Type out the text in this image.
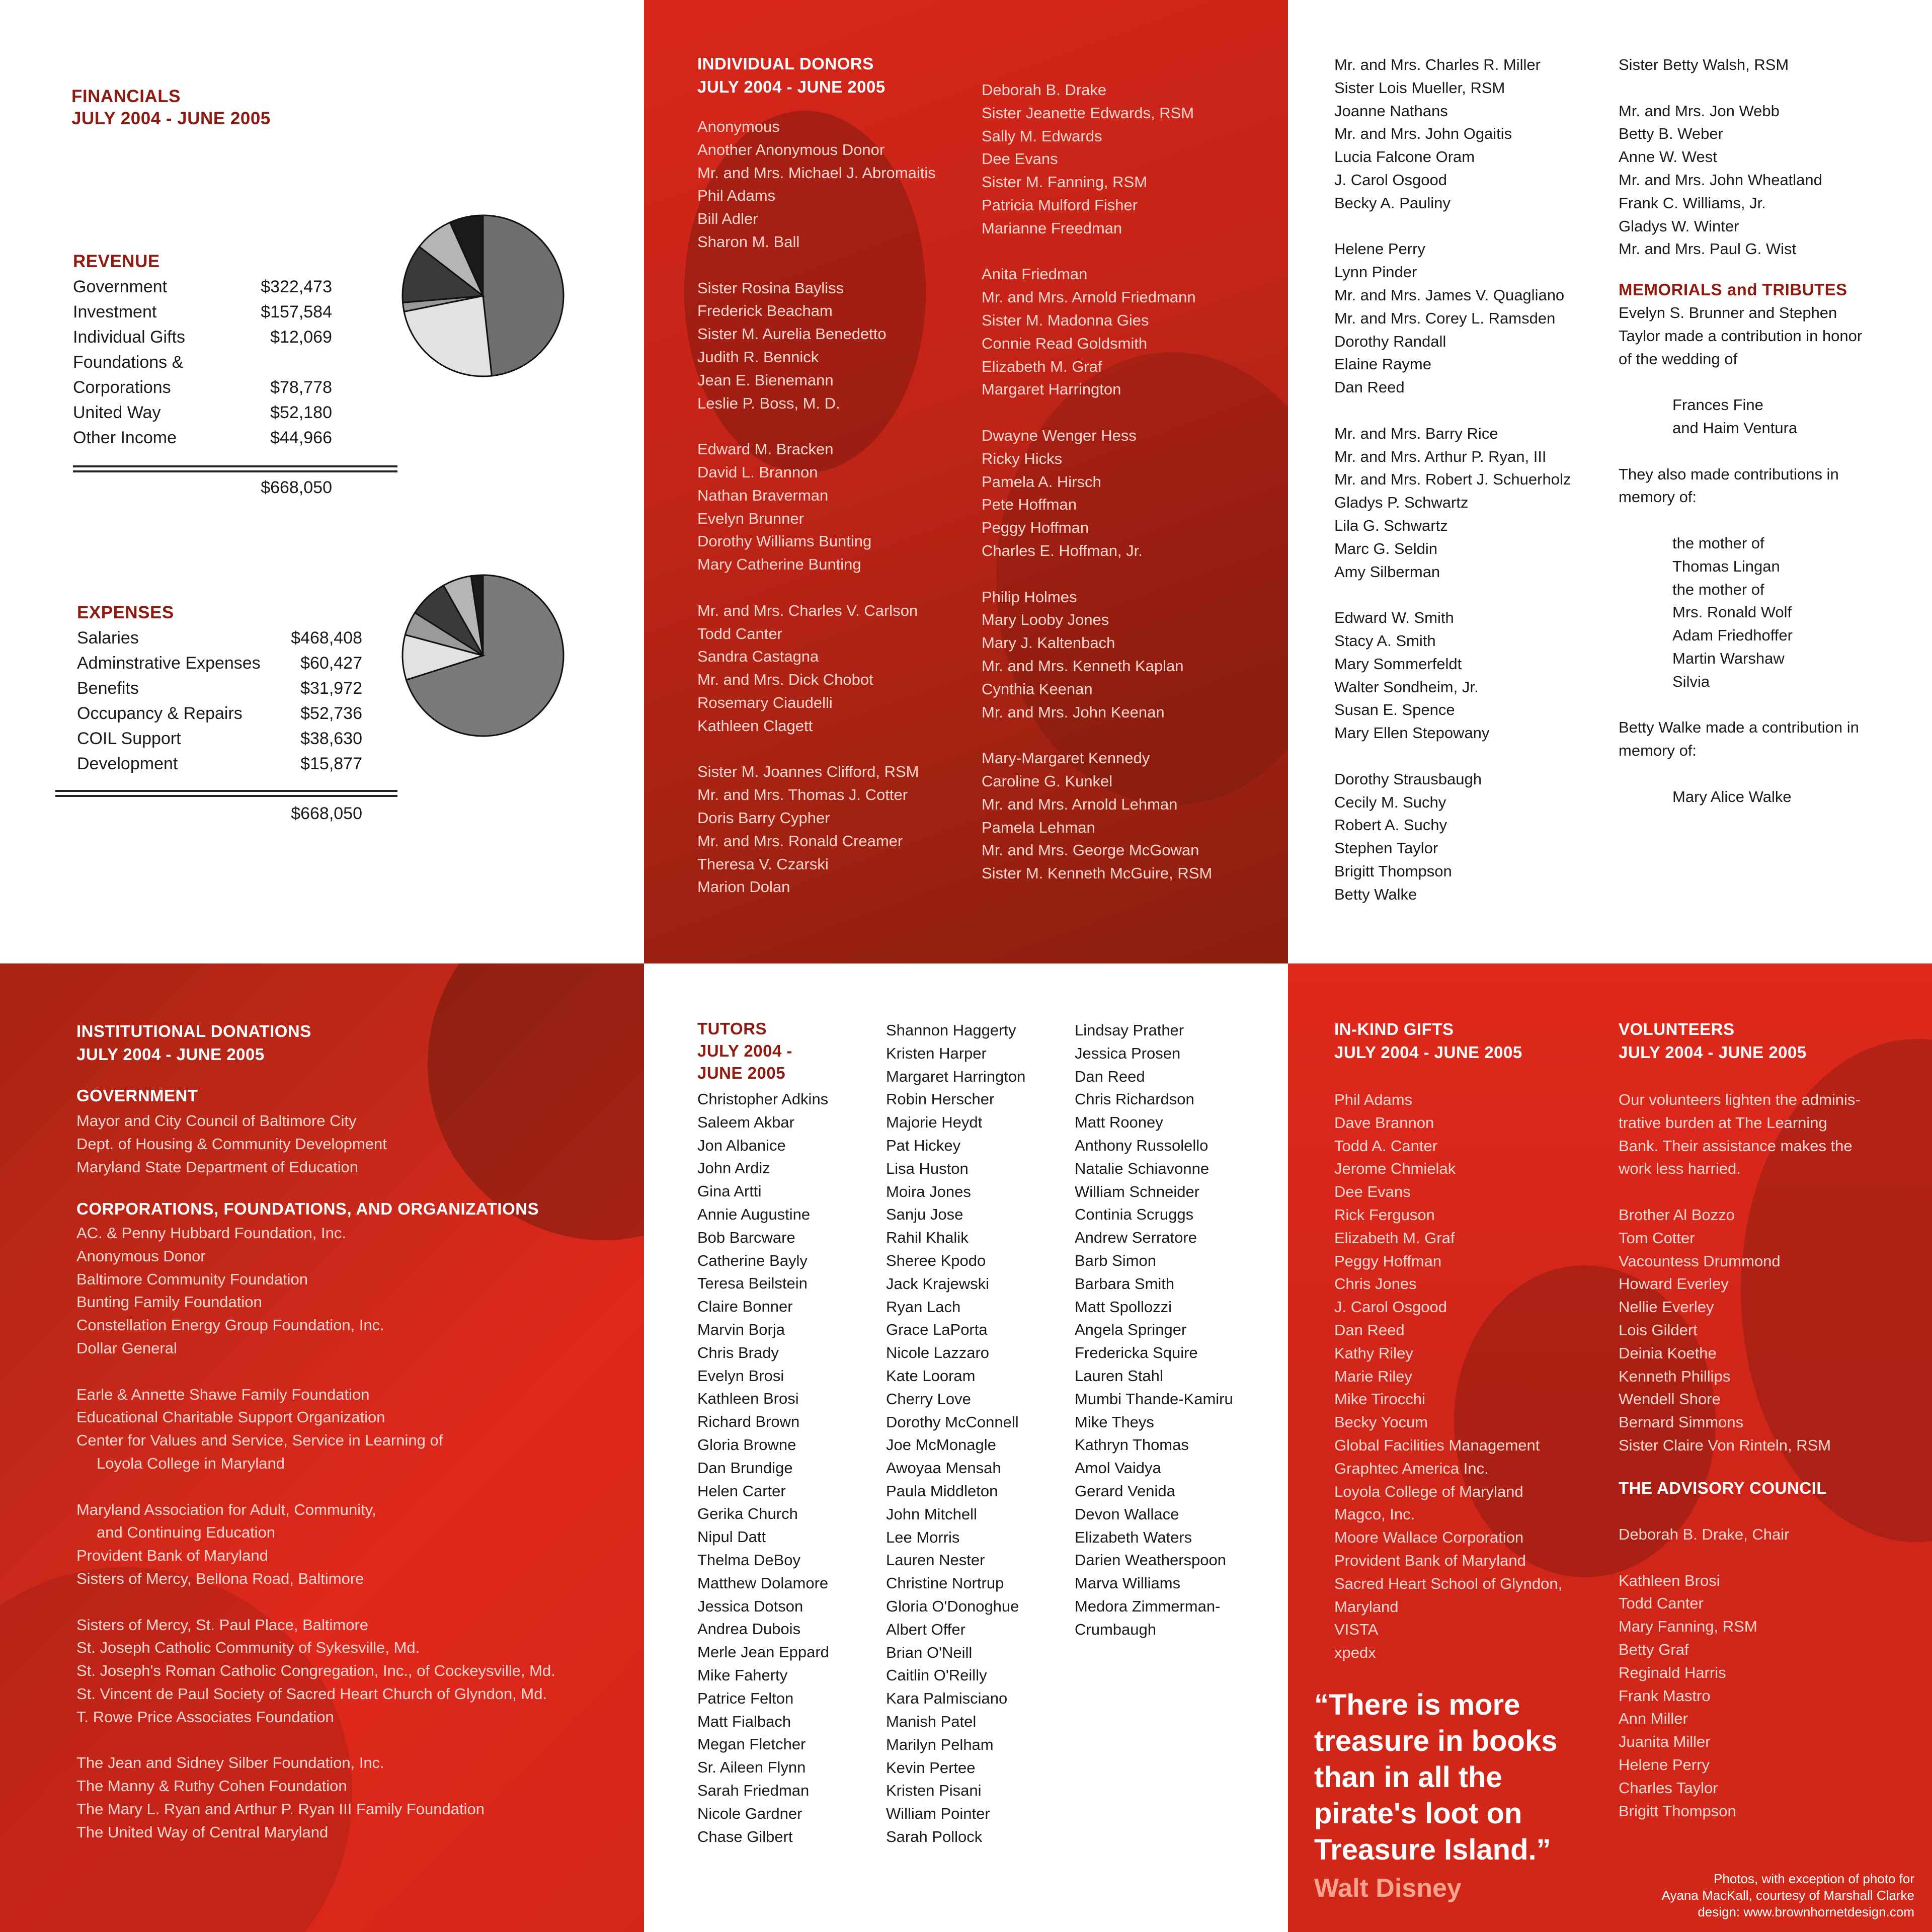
FINANCIALS
JULY 2004 - JUNE 2005
REVENUE
Government	$322,473
Investment	$157,584
Individual Gifts	$12,069
Foundations &
Corporations	$78,778
United Way	$52,180
Other Income	$44,966
$668,050
EXPENSES
Salaries	$468,408
Adminstrative Expenses $60,427
Benefits	$31,972
Occupancy & Repairs	$52,736
COIL Support	$38,630
Development	$15,877
$668,050
INDIVIDUAL DONORS
JULY 2004 - JUNE 2005
Anonymous
Another Anonymous Donor
Mr. and Mrs. Michael J. Abromaitis
Phil Adams
Bill Adler
Sharon M. Ball
Sister Rosina Bayliss
Frederick Beacham
Sister M. Aurelia Benedetto
Judith R. Bennick
Jean E. Bienemann
Leslie P. Boss, M. D.
Edward M. Bracken
David L. Brannon
Nathan Braverman
Evelyn Brunner
Dorothy Williams Bunting
Mary Catherine Bunting
Mr. and Mrs. Charles V. Carlson
Todd Canter
Sandra Castagna
Mr. and Mrs. Dick Chobot
Rosemary Ciaudelli
Kathleen Clagett
Sister M. Joannes Clifford, RSM
Mr. and Mrs. Thomas J. Cotter
Doris Barry Cypher
Mr. and Mrs. Ronald Creamer
Theresa V. Czarski
Marion Dolan
Deborah B. Drake
Sister Jeanette Edwards, RSM
Sally M. Edwards
Dee Evans
Sister M. Fanning, RSM
Patricia Mulford Fisher
Marianne Freedman
Anita Friedman
Mr. and Mrs. Arnold Friedmann
Sister M. Madonna Gies
Connie Read Goldsmith
Elizabeth M. Graf
Margaret Harrington
Dwayne Wenger Hess
Ricky Hicks
Pamela A. Hirsch
Pete Hoffman
Peggy Hoffman
Charles E. Hoffman, Jr.
Philip Holmes
Mary Looby Jones
Mary J. Kaltenbach
Mr. and Mrs. Kenneth Kaplan
Cynthia Keenan
Mr. and Mrs. John Keenan
Mary-Margaret Kennedy
Caroline G. Kunkel
Mr. and Mrs. Arnold Lehman
Pamela Lehman
Mr. and Mrs. George McGowan
Sister M. Kenneth McGuire, RSM
Mr. and Mrs. Charles R. Miller
Sister Lois Mueller, RSM
Joanne Nathans
Mr. and Mrs. John Ogaitis
Lucia Falcone Oram
J. Carol Osgood
Becky A. Pauliny
Helene Perry
Lynn Pinder
Mr. and Mrs. James V. Quagliano
Mr. and Mrs. Corey L. Ramsden
Dorothy Randall
Elaine Rayme
Dan Reed
Mr. and Mrs. Barry Rice
Mr. and Mrs. Arthur P. Ryan, III
Mr. and Mrs. Robert J. Schuerholz
Gladys P. Schwartz
Lila G. Schwartz
Marc G. Seldin
Amy Silberman
Edward W. Smith
Stacy A. Smith
Mary Sommerfeldt
Walter Sondheim, Jr.
Susan E. Spence
Mary Ellen Stepowany
Dorothy Strausbaugh
Cecily M. Suchy
Robert A. Suchy
Stephen Taylor
Brigitt Thompson
Betty Walke
Sister Betty Walsh, RSM
Mr. and Mrs. Jon Webb
Betty B. Weber
Anne W. West
Mr. and Mrs. John Wheatland
Frank C. Williams, Jr.
Gladys W. Winter
Mr. and Mrs. Paul G. Wist
MEMORIALS and TRIBUTES
Evelyn S. Brunner and Stephen
Taylor made a contribution in honor
of the wedding of
Frances Fine
and Haim Ventura
They also made contributions in
memory of:
the mother of
Thomas Lingan
the mother of
Mrs. Ronald Wolf
Adam Friedhoffer
Martin Warshaw
Silvia
Betty Walke made a contribution in
memory of:
Mary Alice Walke
INSTITUTIONAL DONATIONS
JULY 2004 - JUNE 2005
GOVERNMENT
Mayor and City Council of Baltimore City
Dept. of Housing & Community Development
Maryland State Department of Education
CORPORATIONS, FOUNDATIONS, AND ORGANIZATIONS
AC. & Penny Hubbard Foundation, Inc.
Anonymous Donor
Baltimore Community Foundation
Bunting Family Foundation
Constellation Energy Group Foundation, Inc.
Dollar General
Earle & Annette Shawe Family Foundation
Educational Charitable Support Organization
Center for Values and Service, Service in Learning of
Loyola College in Maryland
Maryland Association for Adult, Community,
and Continuing Education
Provident Bank of Maryland
Sisters of Mercy, Bellona Road, Baltimore
Sisters of Mercy, St. Paul Place, Baltimore
St. Joseph Catholic Community of Sykesville, Md.
St. Joseph's Roman Catholic Congregation, Inc., of Cockeysville, Md.
St. Vincent de Paul Society of Sacred Heart Church of Glyndon, Md.
T. Rowe Price Associates Foundation
The Jean and Sidney Silber Foundation, Inc.
The Manny & Ruthy Cohen Foundation
The Mary L. Ryan and Arthur P. Ryan III Family Foundation
The United Way of Central Maryland
TUTORS
JULY 2004 -
JUNE 2005
Christopher Adkins
Saleem Akbar
Jon Albanice
John Ardiz
Gina Artti
Annie Augustine
Bob Barcware
Catherine Bayly
Teresa Beilstein
Claire Bonner
Marvin Borja
Chris Brady
Evelyn Brosi
Kathleen Brosi
Richard Brown
Gloria Browne
Dan Brundige
Helen Carter
Gerika Church
Nipul Datt
Thelma DeBoy
Matthew Dolamore
Jessica Dotson
Andrea Dubois
Merle Jean Eppard
Mike Faherty
Patrice Felton
Matt Fialbach
Megan Fletcher
Sr. Aileen Flynn
Sarah Friedman
Nicole Gardner
Chase Gilbert
Shannon Haggerty
Kristen Harper
Margaret Harrington
Robin Herscher
Majorie Heydt
Pat Hickey
Lisa Huston
Moira Jones
Sanju Jose
Rahil Khalik
Sheree Kpodo
Jack Krajewski
Ryan Lach
Grace LaPorta
Nicole Lazzaro
Kate Looram
Cherry Love
Dorothy McConnell
Joe McMonagle
Awoyaa Mensah
Paula Middleton
John Mitchell
Lee Morris
Lauren Nester
Christine Nortrup
Gloria O'Donoghue
Albert Offer
Brian O'Neill
Caitlin O'Reilly
Kara Palmisciano
Manish Patel
Marilyn Pelham
Kevin Pertee
Kristen Pisani
William Pointer
Sarah Pollock
Lindsay Prather
Jessica Prosen
Dan Reed
Chris Richardson
Matt Rooney
Anthony Russolello
Natalie Schiavonne
William Schneider
Continia Scruggs
Andrew Serratore
Barb Simon
Barbara Smith
Matt Spollozzi
Angela Springer
Fredericka Squire
Lauren Stahl
Mumbi Thande-Kamiru
Mike Theys
Kathryn Thomas
Amol Vaidya
Gerard Venida
Devon Wallace
Elizabeth Waters
Darien Weatherspoon
Marva Williams
Medora Zimmerman-
Crumbaugh
IN-KIND GIFTS
JULY 2004 - JUNE 2005
Phil Adams
Dave Brannon
Todd A. Canter
Jerome Chmielak
Dee Evans
Rick Ferguson
Elizabeth M. Graf
Peggy Hoffman
Chris Jones
J. Carol Osgood
Dan Reed
Kathy Riley
Marie Riley
Mike Tirocchi
Becky Yocum
Global Facilities Management
Graphtec America Inc.
Loyola College of Maryland
Magco, Inc.
Moore Wallace Corporation
Provident Bank of Maryland
Sacred Heart School of Glyndon,
Maryland
VISTA
xpedx
“There is more
treasure in books
than in all the
pirate's loot on
Treasure Island.”
Walt Disney
VOLUNTEERS
JULY 2004 - JUNE 2005
Our volunteers lighten the adminis-
trative burden at The Learning
Bank. Their assistance makes the
work less harried.
Brother Al Bozzo
Tom Cotter
Vacountess Drummond
Howard Everley
Nellie Everley
Lois Gildert
Deinia Koethe
Kenneth Phillips
Wendell Shore
Bernard Simmons
Sister Claire Von Rinteln, RSM
THE ADVISORY COUNCIL
Deborah B. Drake, Chair
Kathleen Brosi
Todd Canter
Mary Fanning, RSM
Betty Graf
Reginald Harris
Frank Mastro
Ann Miller
Juanita Miller
Helene Perry
Charles Taylor
Brigitt Thompson
Photos, with exception of photo for
Ayana MacKall, courtesy of Marshall Clarke
design: www.brownhornetdesign.com
